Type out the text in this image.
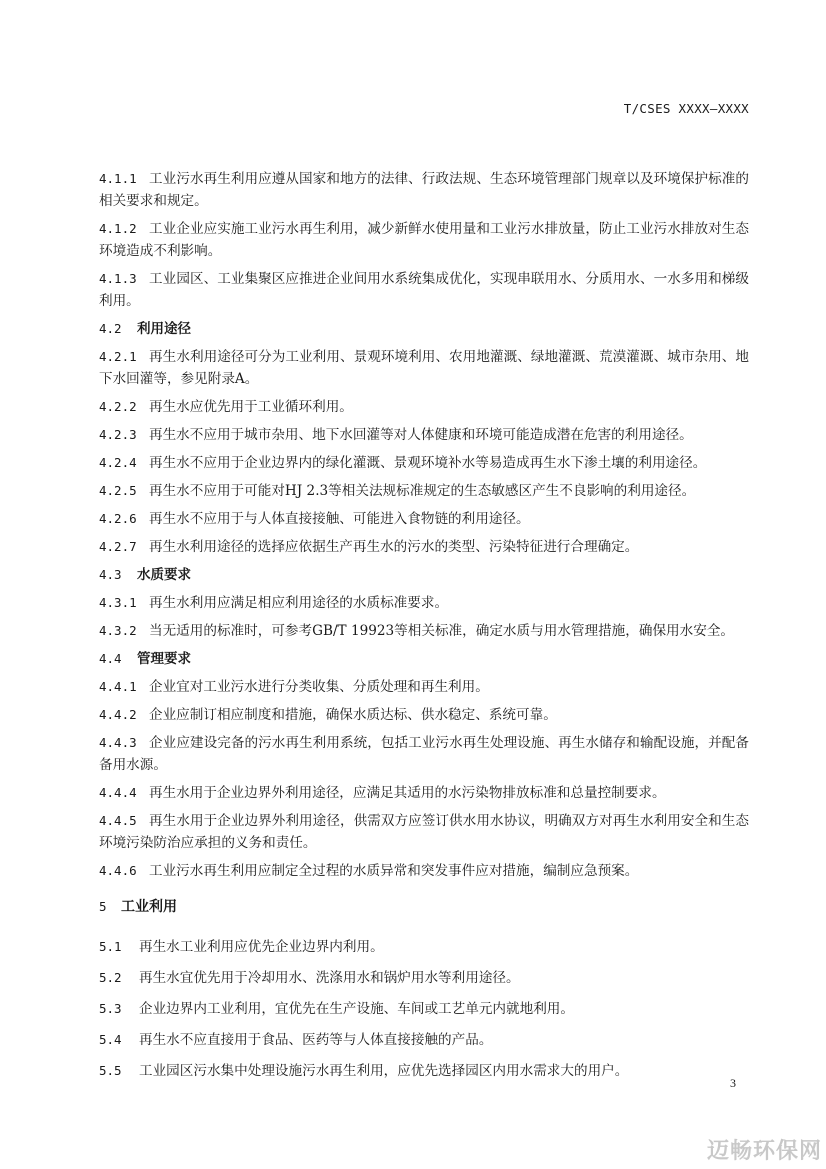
T/CSES XXXX—XXXX

4.1.1 工业污水再生利用应遵从国家和地方的法律、行政法规、生态环境管理部门规章以及环境保护标准的相关要求和规定。

4.1.2 工业企业应实施工业污水再生利用，减少新鲜水使用量和工业污水排放量，防止工业污水排放对生态环境造成不利影响。

4.1.3 工业园区、工业集聚区应推进企业间用水系统集成优化，实现串联用水、分质用水、一水多用和梯级利用。

4.2 利用途径

4.2.1 再生水利用途径可分为工业利用、景观环境利用、农用地灌溉、绿地灌溉、荒漠灌溉、城市杂用、地下水回灌等，参见附录A。

4.2.2 再生水应优先用于工业循环利用。

4.2.3 再生水不应用于城市杂用、地下水回灌等对人体健康和环境可能造成潜在危害的利用途径。

4.2.4 再生水不应用于企业边界内的绿化灌溉、景观环境补水等易造成再生水下渗土壤的利用途径。

4.2.5 再生水不应用于可能对HJ 2.3等相关法规标准规定的生态敏感区产生不良影响的利用途径。

4.2.6 再生水不应用于与人体直接接触、可能进入食物链的利用途径。

4.2.7 再生水利用途径的选择应依据生产再生水的污水的类型、污染特征进行合理确定。

4.3 水质要求

4.3.1 再生水利用应满足相应利用途径的水质标准要求。

4.3.2 当无适用的标准时，可参考GB/T 19923等相关标准，确定水质与用水管理措施，确保用水安全。

4.4 管理要求

4.4.1 企业宜对工业污水进行分类收集、分质处理和再生利用。

4.4.2 企业应制订相应制度和措施，确保水质达标、供水稳定、系统可靠。

4.4.3 企业应建设完备的污水再生利用系统，包括工业污水再生处理设施、再生水储存和输配设施，并配备备用水源。

4.4.4 再生水用于企业边界外利用途径，应满足其适用的水污染物排放标准和总量控制要求。

4.4.5 再生水用于企业边界外利用途径，供需双方应签订供水用水协议，明确双方对再生水利用安全和生态环境污染防治应承担的义务和责任。

4.4.6 工业污水再生利用应制定全过程的水质异常和突发事件应对措施，编制应急预案。

5 工业利用

5.1 再生水工业利用应优先企业边界内利用。

5.2 再生水宜优先用于冷却用水、洗涤用水和锅炉用水等利用途径。

5.3 企业边界内工业利用，宜优先在生产设施、车间或工艺单元内就地利用。

5.4 再生水不应直接用于食品、医药等与人体直接接触的产品。

5.5 工业园区污水集中处理设施污水再生利用，应优先选择园区内用水需求大的用户。

3
迈畅环保网
